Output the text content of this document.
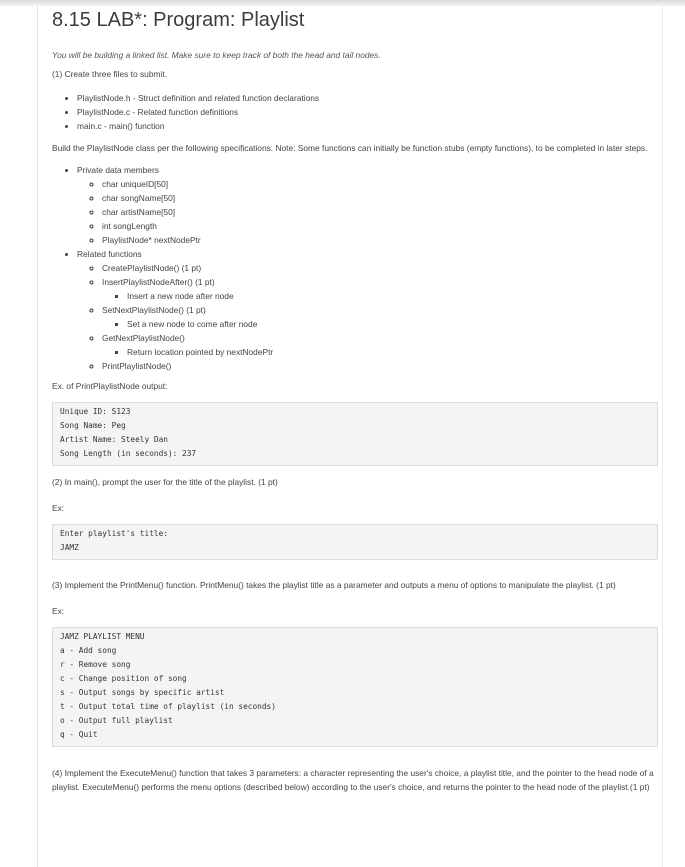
8.15 LAB*: Program: Playlist

You will be building a linked list. Make sure to keep track of both the head and tail nodes.

(1) Create three files to submit.

• PlaylistNode.h - Struct definition and related function declarations
• PlaylistNode.c - Related function definitions
• main.c - main() function

Build the PlaylistNode class per the following specifications. Note: Some functions can initially be function stubs (empty functions), to be completed in later steps.

• Private data members
◦ char uniqueID[50]
◦ char songName[50]
◦ char artistName[50]
◦ int songLength
◦ PlaylistNode* nextNodePtr
• Related functions
◦ CreatePlaylistNode() (1 pt)
◦ InsertPlaylistNodeAfter() (1 pt)
▪ Insert a new node after node
◦ SetNextPlaylistNode() (1 pt)
▪ Set a new node to come after node
◦ GetNextPlaylistNode()
▪ Return location pointed by nextNodePtr
◦ PrintPlaylistNode()

Ex. of PrintPlaylistNode output:

Unique ID: S123
Song Name: Peg
Artist Name: Steely Dan
Song Length (in seconds): 237

(2) In main(), prompt the user for the title of the playlist. (1 pt)

Ex:

Enter playlist's title:
JAMZ

(3) Implement the PrintMenu() function. PrintMenu() takes the playlist title as a parameter and outputs a menu of options to manipulate the playlist. (1 pt)

Ex:

JAMZ PLAYLIST MENU
a - Add song
r - Remove song
c - Change position of song
s - Output songs by specific artist
t - Output total time of playlist (in seconds)
o - Output full playlist
q - Quit

(4) Implement the ExecuteMenu() function that takes 3 parameters: a character representing the user's choice, a playlist title, and the pointer to the head node of a playlist. ExecuteMenu() performs the menu options (described below) according to the user's choice, and returns the pointer to the head node of the playlist.(1 pt)
